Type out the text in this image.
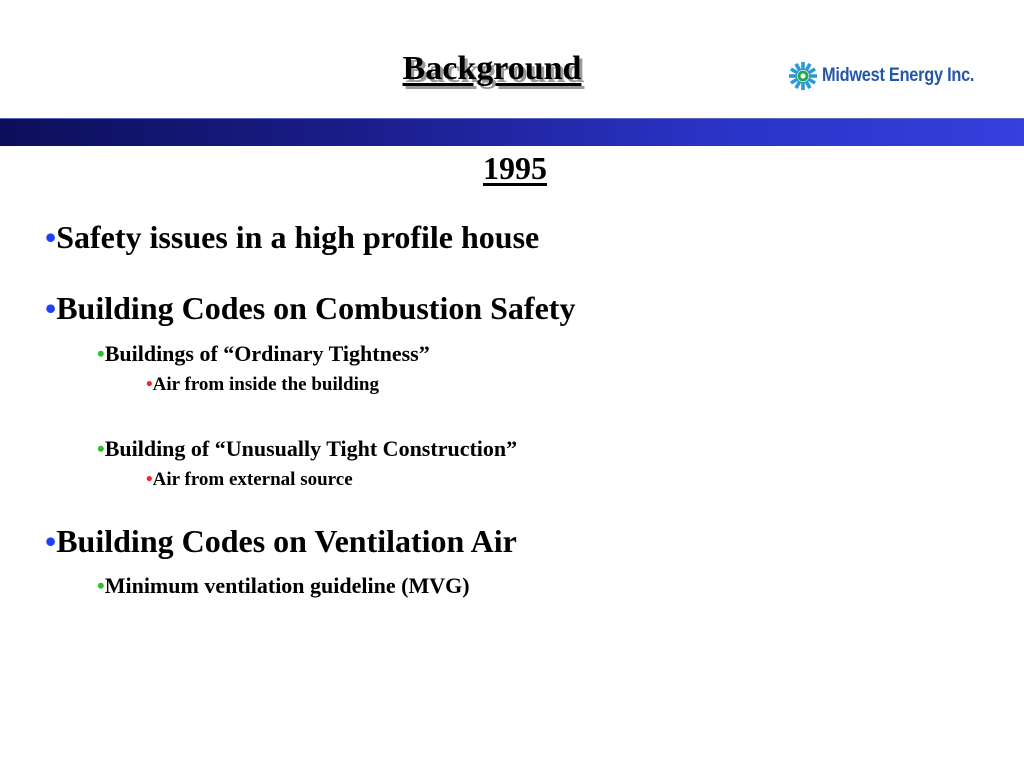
Background	Midwest Energy Inc.
1995
•Safety issues in a high profile house
•Building Codes on Combustion Safety
•Buildings of “Ordinary Tightness”
•Air from inside the building
•Building of “Unusually Tight Construction”
•Air from external source
•Building Codes on Ventilation Air
•Minimum ventilation guideline (MVG)
